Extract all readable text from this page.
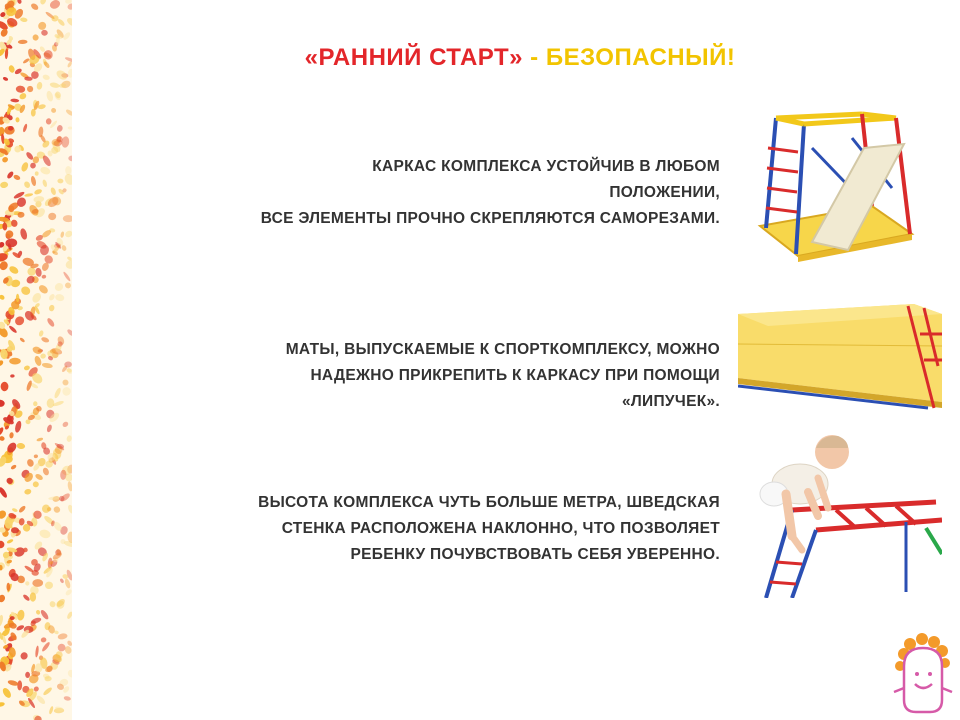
«РАННИЙ СТАРТ» - БЕЗОПАСНЫЙ!
КАРКАС КОМПЛЕКСА УСТОЙЧИВ В ЛЮБОМ
ПОЛОЖЕНИИ,
ВСЕ ЭЛЕМЕНТЫ ПРОЧНО СКРЕПЛЯЮТСЯ САМОРЕЗАМИ.
МАТЫ, ВЫПУСКАЕМЫЕ К СПОРТКОМПЛЕКСУ, МОЖНО
НАДЕЖНО ПРИКРЕПИТЬ К КАРКАСУ ПРИ ПОМОЩИ
«ЛИПУЧЕК».
ВЫСОТА КОМПЛЕКСА ЧУТЬ БОЛЬШЕ МЕТРА, ШВЕДСКАЯ
СТЕНКА РАСПОЛОЖЕНА НАКЛОННО, ЧТО ПОЗВОЛЯЕТ
РЕБЕНКУ ПОЧУВСТВОВАТЬ СЕБЯ УВЕРЕННО.
